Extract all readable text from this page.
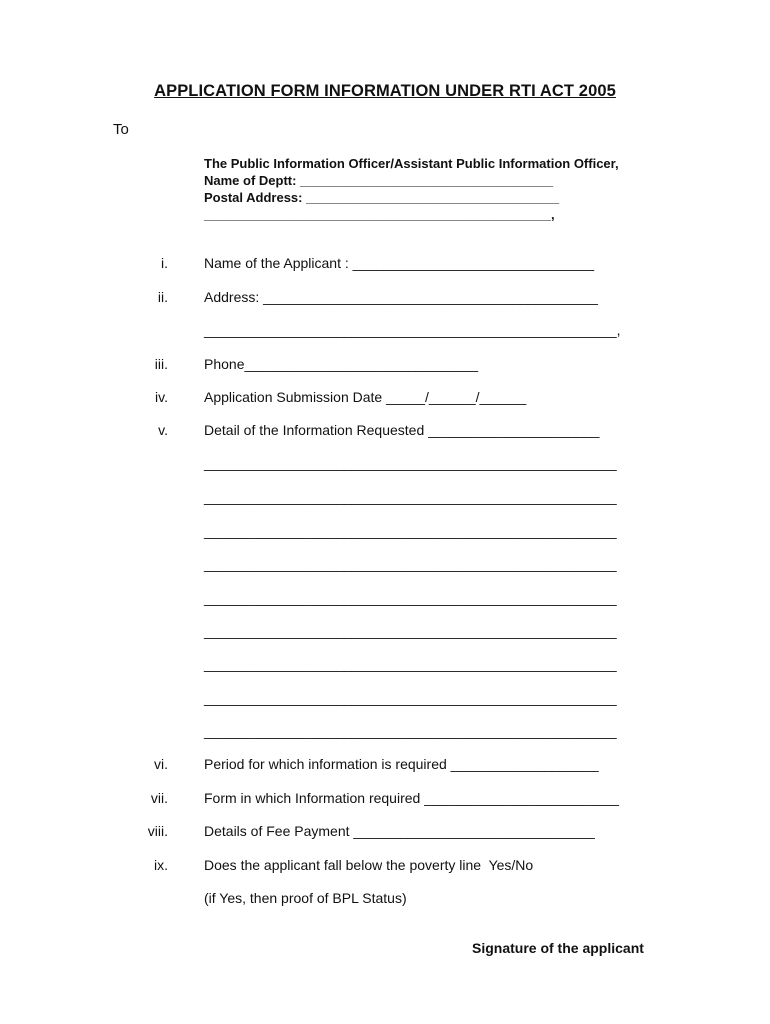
APPLICATION FORM INFORMATION UNDER RTI ACT 2005
To
The Public Information Officer/Assistant Public Information Officer,
Name of Deptt: ___________________________________
Postal Address: ___________________________________
________________________________________________,
i.	Name of the Applicant : _______________________________
ii.	Address: ___________________________________________
_____________________________________________________,
iii.	Phone______________________________
iv.	Application Submission Date _____/______/______
v.	Detail of the Information Requested ______________________
_____________________________________________________
_____________________________________________________
_____________________________________________________
_____________________________________________________
_____________________________________________________
_____________________________________________________
_____________________________________________________
_____________________________________________________
_____________________________________________________
vi.	Period for which information is required ___________________
vii.	Form in which Information required _________________________
viii.	Details of Fee Payment _______________________________
ix.	Does the applicant fall below the poverty line  Yes/No
(if Yes, then proof of BPL Status)
Signature of the applicant
